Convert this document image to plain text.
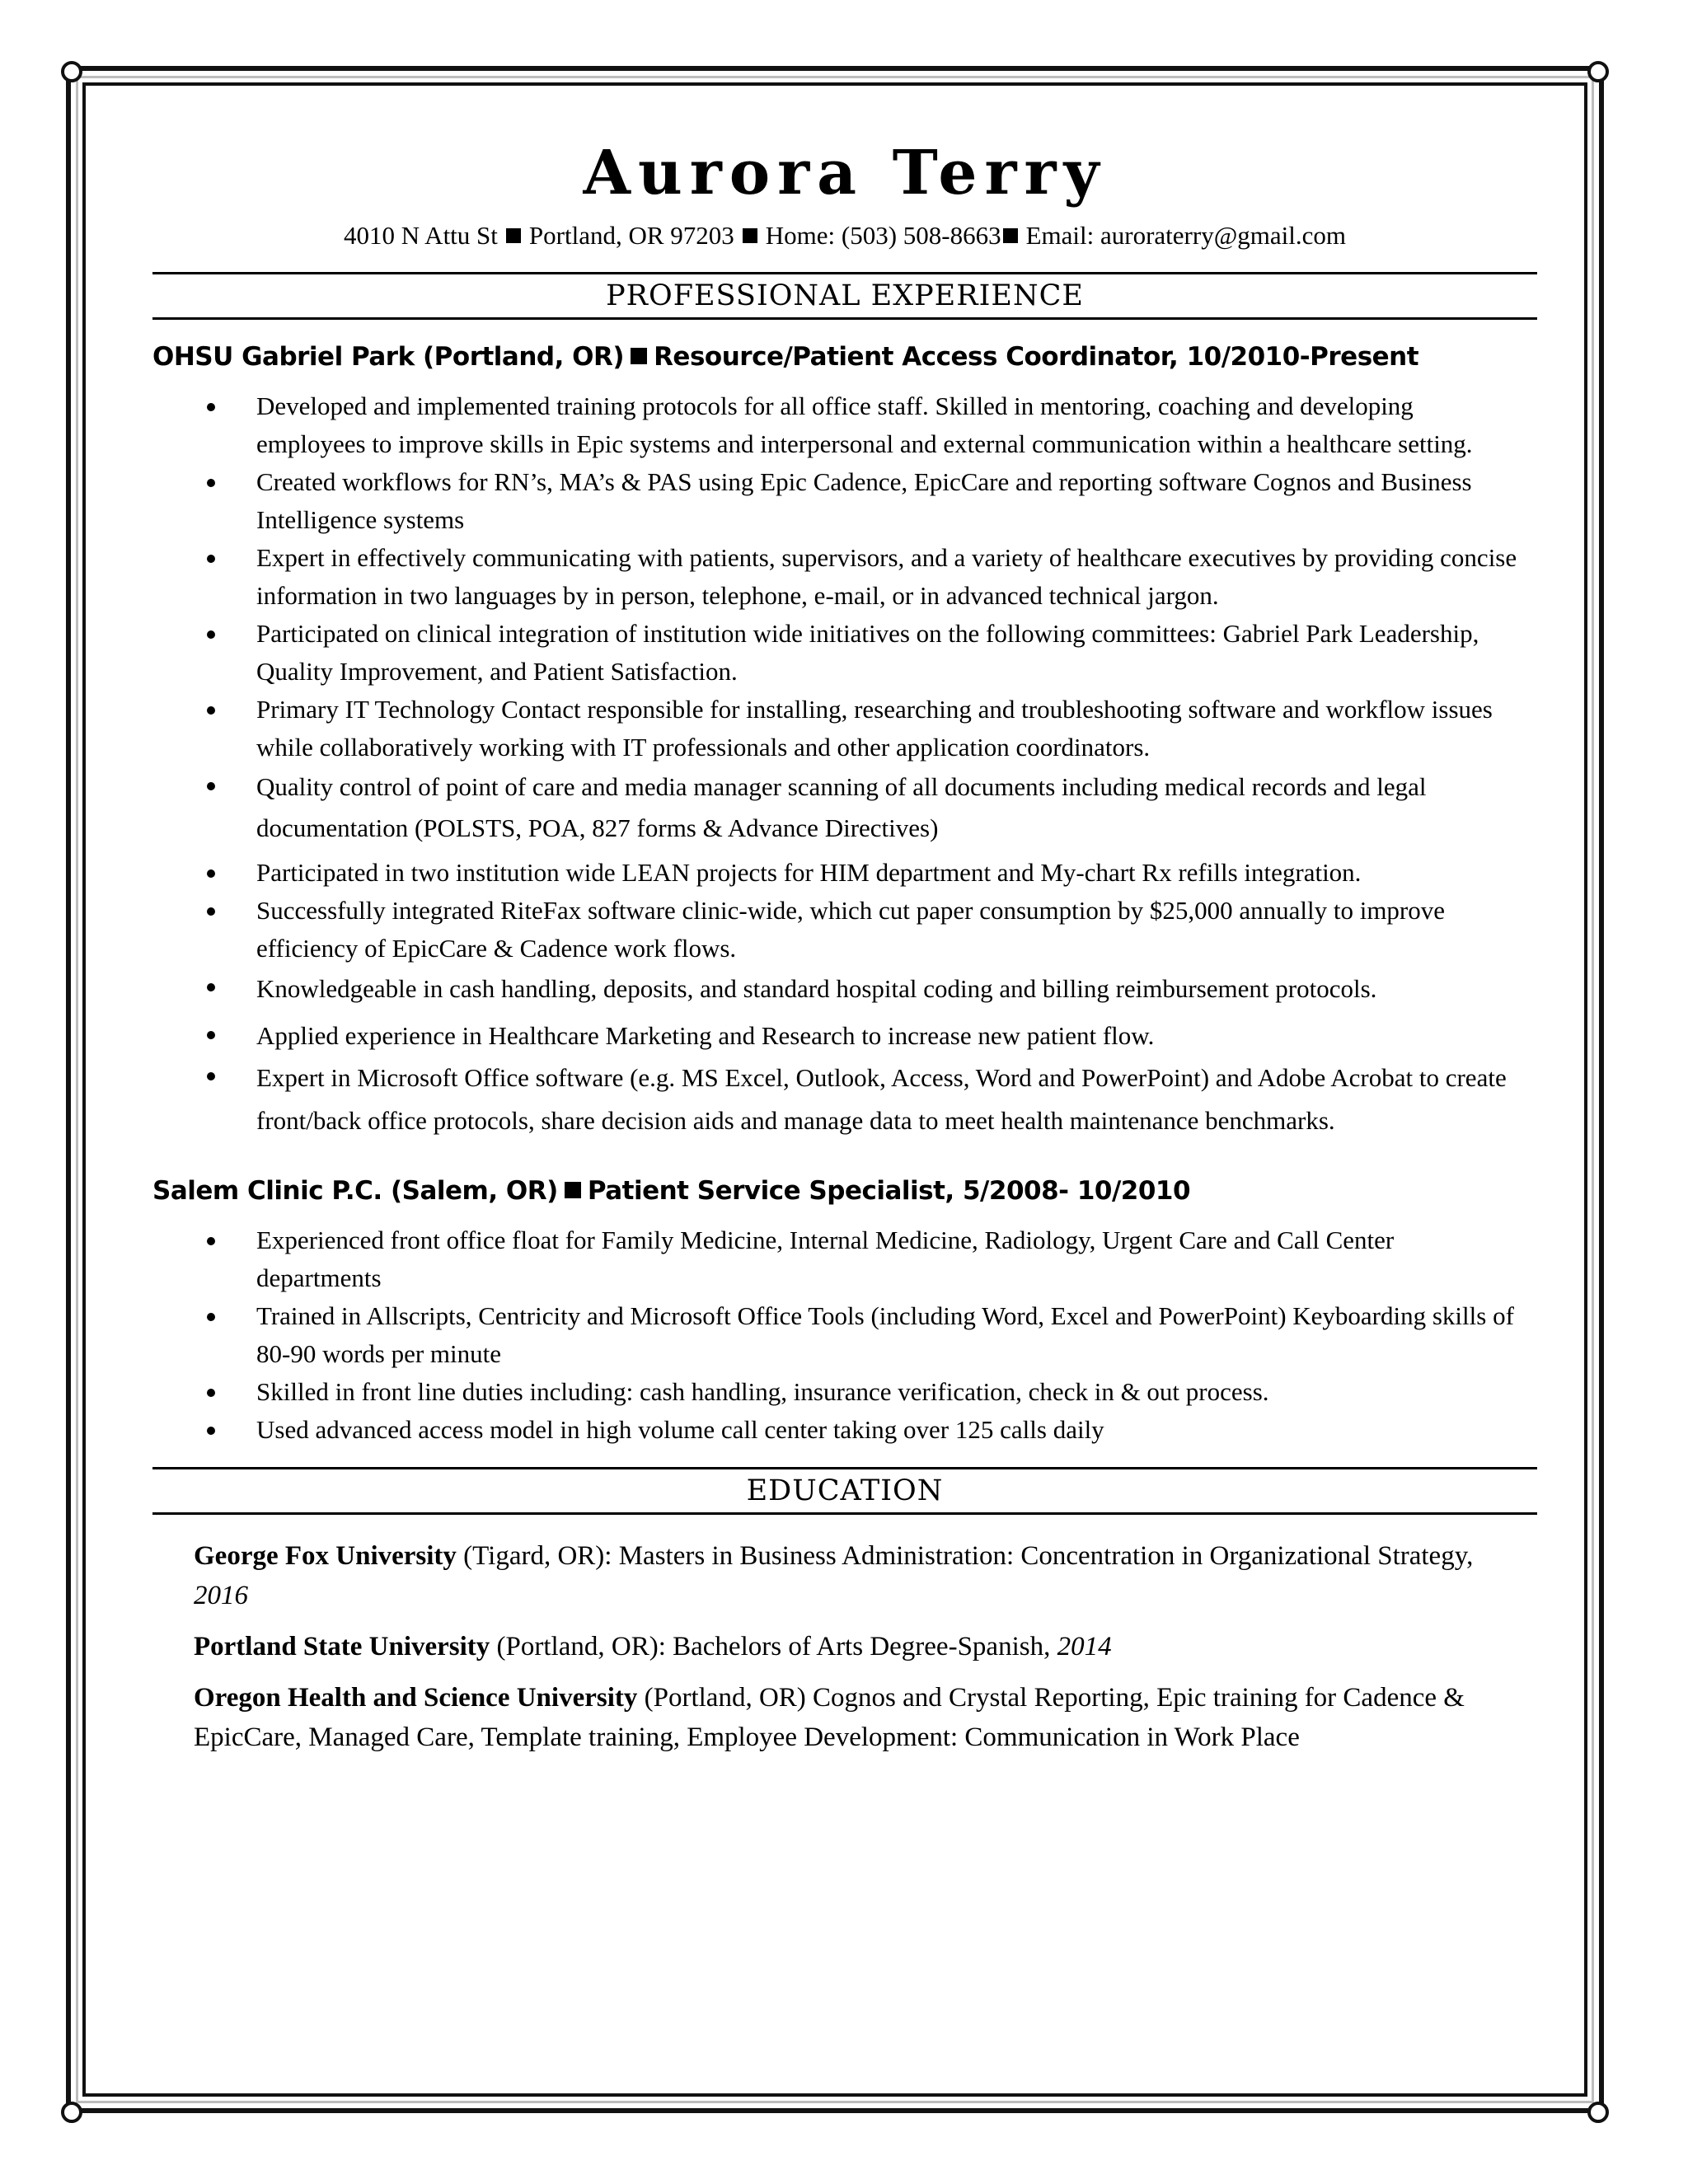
Aurora Terry
4010 N Attu St Portland, OR 97203 Home: (503) 508-8663 Email: auroraterry@gmail.com
PROFESSIONAL EXPERIENCE
OHSU Gabriel Park (Portland, OR) Resource/Patient Access Coordinator, 10/2010-Present
Developed and implemented training protocols for all office staff. Skilled in mentoring, coaching and developing employees to improve skills in Epic systems and interpersonal and external communication within a healthcare setting.
Created workflows for RN’s, MA’s & PAS using Epic Cadence, EpicCare and reporting software Cognos and Business Intelligence systems
Expert in effectively communicating with patients, supervisors, and a variety of healthcare executives by providing concise information in two languages by in person, telephone, e-mail, or in advanced technical jargon.
Participated on clinical integration of institution wide initiatives on the following committees: Gabriel Park Leadership, Quality Improvement, and Patient Satisfaction.
Primary IT Technology Contact responsible for installing, researching and troubleshooting software and workflow issues while collaboratively working with IT professionals and other application coordinators.
Quality control of point of care and media manager scanning of all documents including medical records and legal documentation (POLSTS, POA, 827 forms & Advance Directives)
Participated in two institution wide LEAN projects for HIM department and My-chart Rx refills integration.
Successfully integrated RiteFax software clinic-wide, which cut paper consumption by $25,000 annually to improve efficiency of EpicCare & Cadence work flows.
Knowledgeable in cash handling, deposits, and standard hospital coding and billing reimbursement protocols.
Applied experience in Healthcare Marketing and Research to increase new patient flow.
Expert in Microsoft Office software (e.g. MS Excel, Outlook, Access, Word and PowerPoint) and Adobe Acrobat to create front/back office protocols, share decision aids and manage data to meet health maintenance benchmarks.
Salem Clinic P.C. (Salem, OR) Patient Service Specialist, 5/2008- 10/2010
Experienced front office float for Family Medicine, Internal Medicine, Radiology, Urgent Care and Call Center departments
Trained in Allscripts, Centricity and Microsoft Office Tools (including Word, Excel and PowerPoint) Keyboarding skills of 80-90 words per minute
Skilled in front line duties including: cash handling, insurance verification, check in & out process.
Used advanced access model in high volume call center taking over 125 calls daily
EDUCATION
George Fox University (Tigard, OR): Masters in Business Administration: Concentration in Organizational Strategy, 2016
Portland State University (Portland, OR): Bachelors of Arts Degree-Spanish, 2014
Oregon Health and Science University (Portland, OR) Cognos and Crystal Reporting, Epic training for Cadence & EpicCare, Managed Care, Template training, Employee Development: Communication in Work Place
